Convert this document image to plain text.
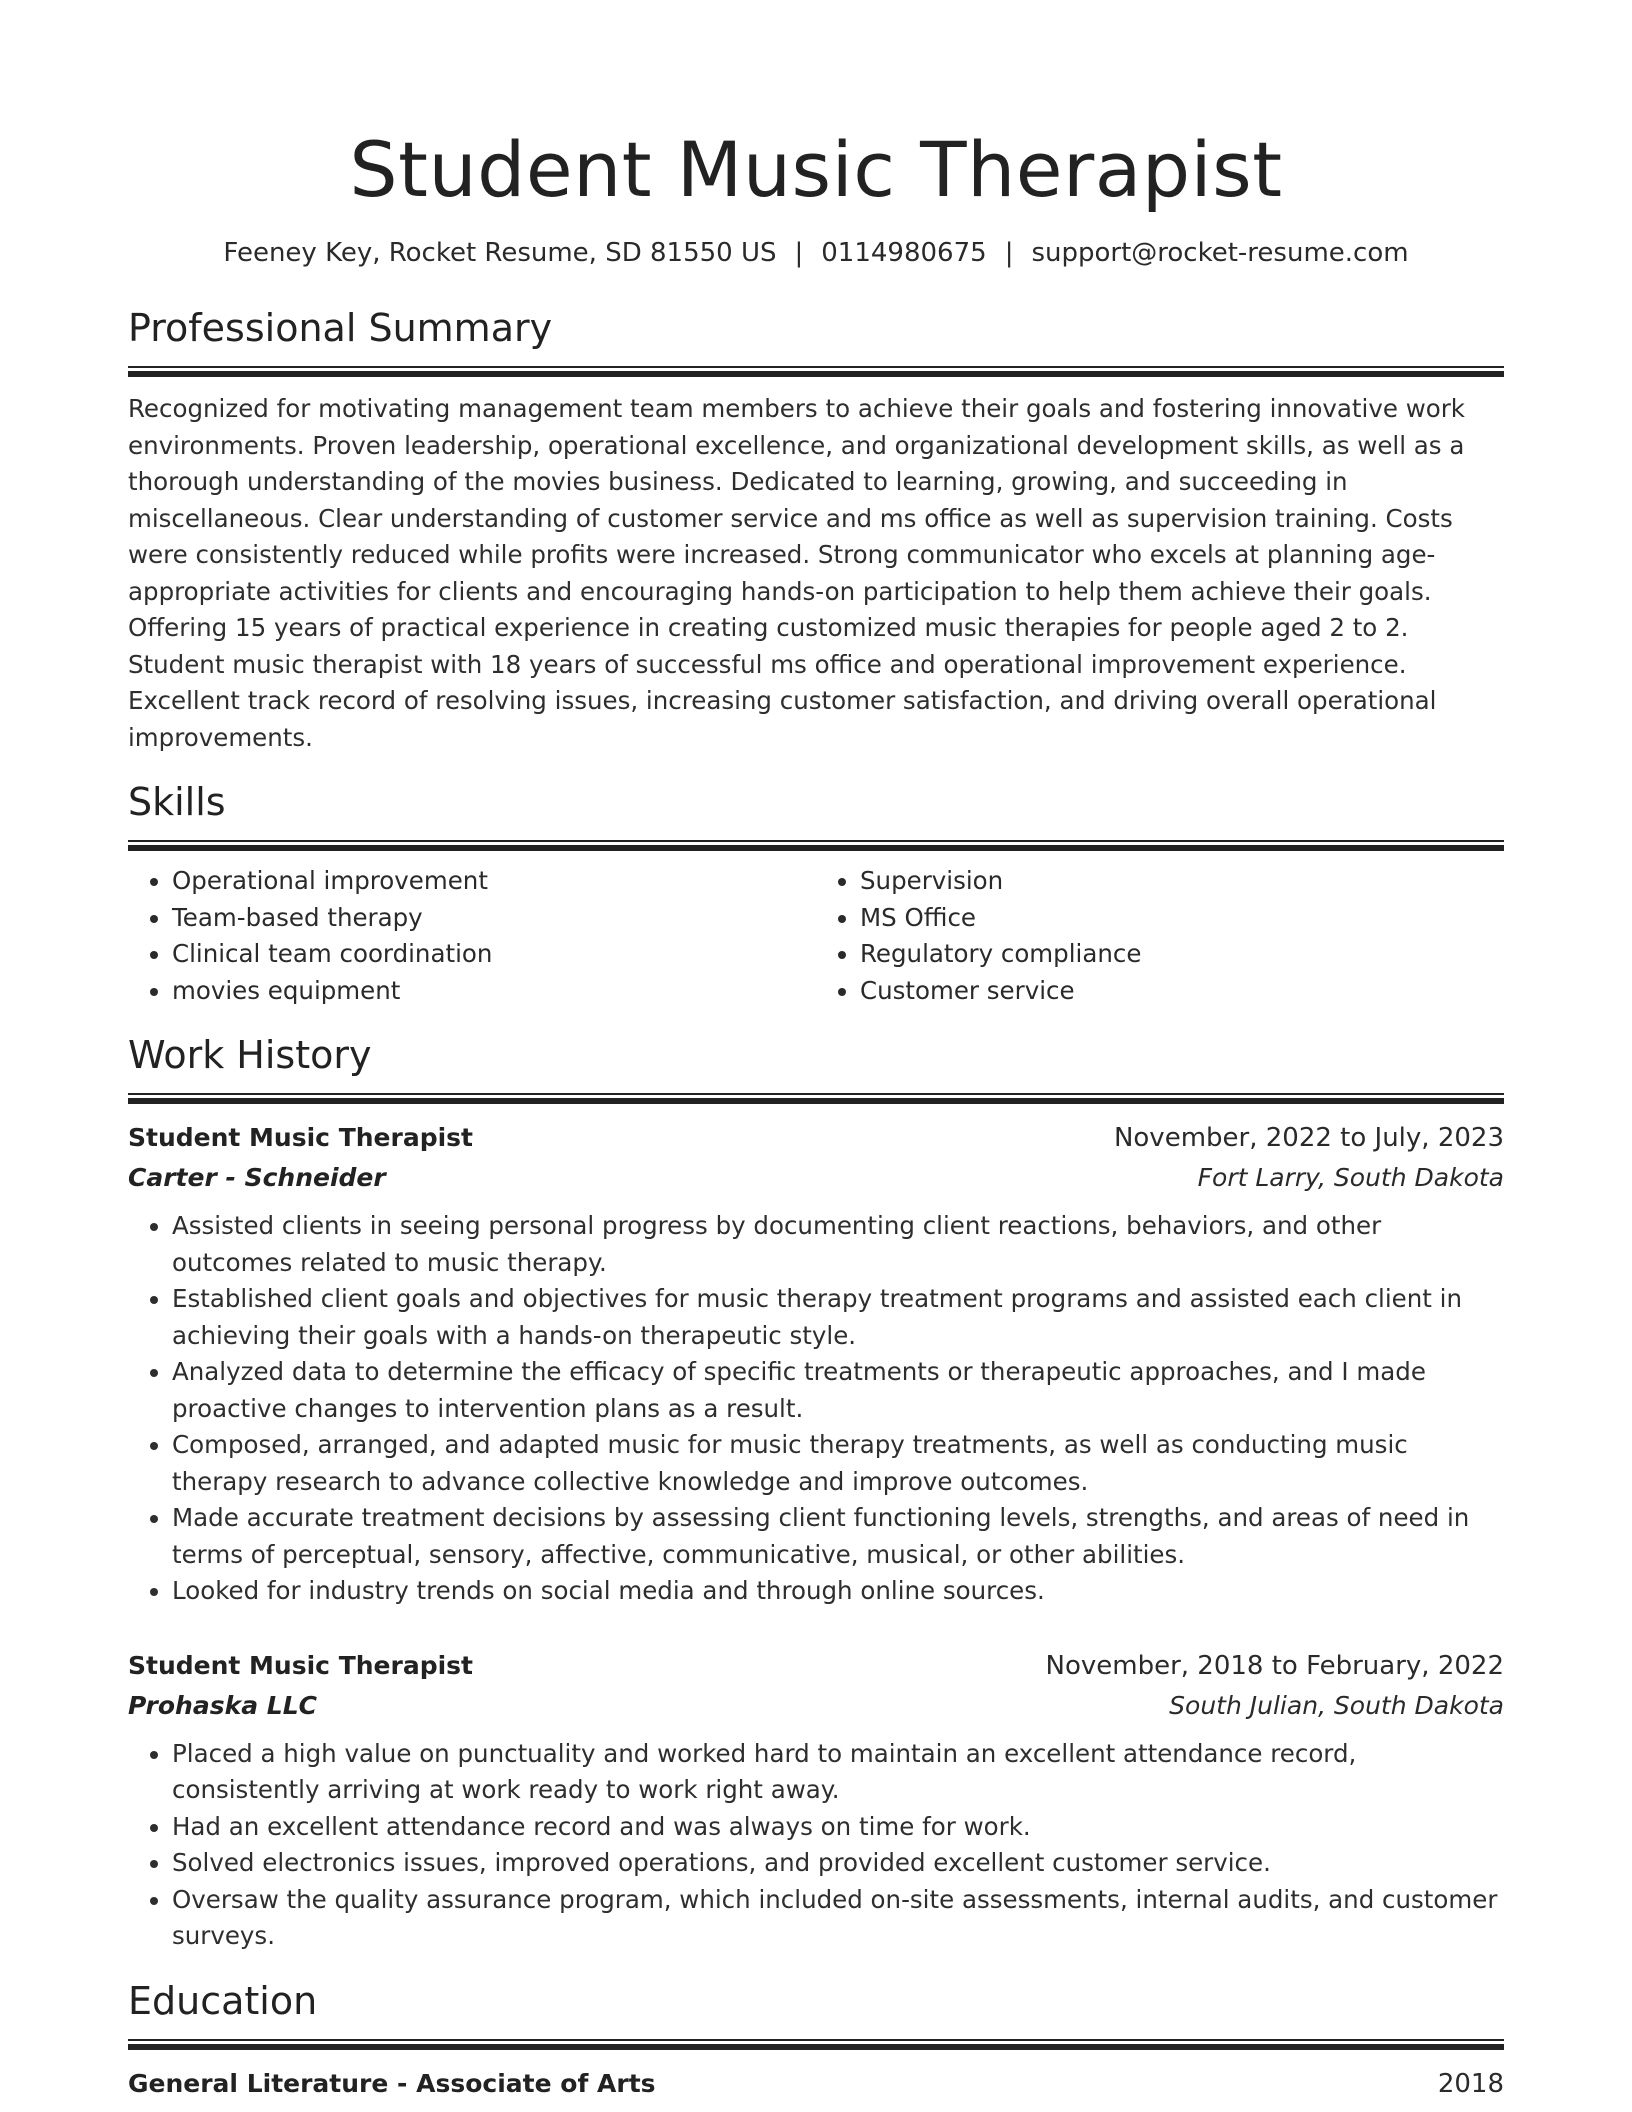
Student Music Therapist
Feeney Key, Rocket Resume, SD 81550 US | 0114980675 | support@rocket-resume.com
Professional Summary

Recognized for motivating management team members to achieve their goals and fostering innovative work environments. Proven leadership, operational excellence, and organizational development skills, as well as a thorough understanding of the movies business. Dedicated to learning, growing, and succeeding in miscellaneous. Clear understanding of customer service and ms office as well as supervision training. Costs were consistently reduced while profits were increased. Strong communicator who excels at planning age-appropriate activities for clients and encouraging hands-on participation to help them achieve their goals. Offering 15 years of practical experience in creating customized music therapies for people aged 2 to 2. Student music therapist with 18 years of successful ms office and operational improvement experience. Excellent track record of resolving issues, increasing customer satisfaction, and driving overall operational improvements.

Skills
• Operational improvement
• Team-based therapy
• Clinical team coordination
• movies equipment
• Supervision
• MS Office
• Regulatory compliance
• Customer service
Work History
Student Music Therapist	November, 2022 to July, 2023
Carter - Schneider	Fort Larry, South Dakota
• Assisted clients in seeing personal progress by documenting client reactions, behaviors, and other outcomes related to music therapy.
• Established client goals and objectives for music therapy treatment programs and assisted each client in achieving their goals with a hands-on therapeutic style.
• Analyzed data to determine the efficacy of specific treatments or therapeutic approaches, and I made proactive changes to intervention plans as a result.
• Composed, arranged, and adapted music for music therapy treatments, as well as conducting music therapy research to advance collective knowledge and improve outcomes.
• Made accurate treatment decisions by assessing client functioning levels, strengths, and areas of need in terms of perceptual, sensory, affective, communicative, musical, or other abilities.
• Looked for industry trends on social media and through online sources.
Student Music Therapist	November, 2018 to February, 2022
Prohaska LLC	South Julian, South Dakota
• Placed a high value on punctuality and worked hard to maintain an excellent attendance record, consistently arriving at work ready to work right away.
• Had an excellent attendance record and was always on time for work.
• Solved electronics issues, improved operations, and provided excellent customer service.
• Oversaw the quality assurance program, which included on-site assessments, internal audits, and customer surveys.
Education
General Literature - Associate of Arts	2018
